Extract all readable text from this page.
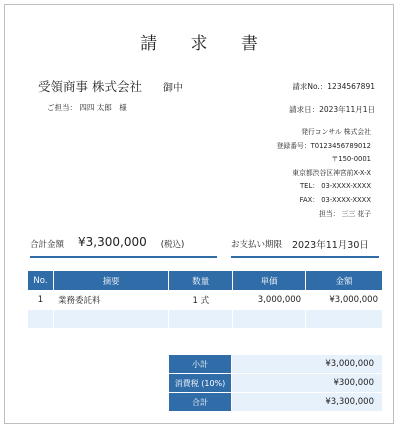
請 求 書
受領商事 株式会社 御中
ご担当： 四四 太郎　様
請求No.：1234567891
請求日：2023年11月1日
発行コンサル 株式会社
登録番号：T0123456789012
〒150-0001
東京都渋谷区神宮前X-X-X
TEL： 03-XXXX-XXXX
FAX： 03-XXXX-XXXX
担当： 三三 花子
合計金額 ¥3,300,000 (税込)	お支払い期限 2023年11月30日
No.	摘要	数量	単価	金額
1	業務委託料	1 式	3,000,000	¥3,000,000

小計	¥3,000,000
消費税 (10%)	¥300,000
合計	¥3,300,000
